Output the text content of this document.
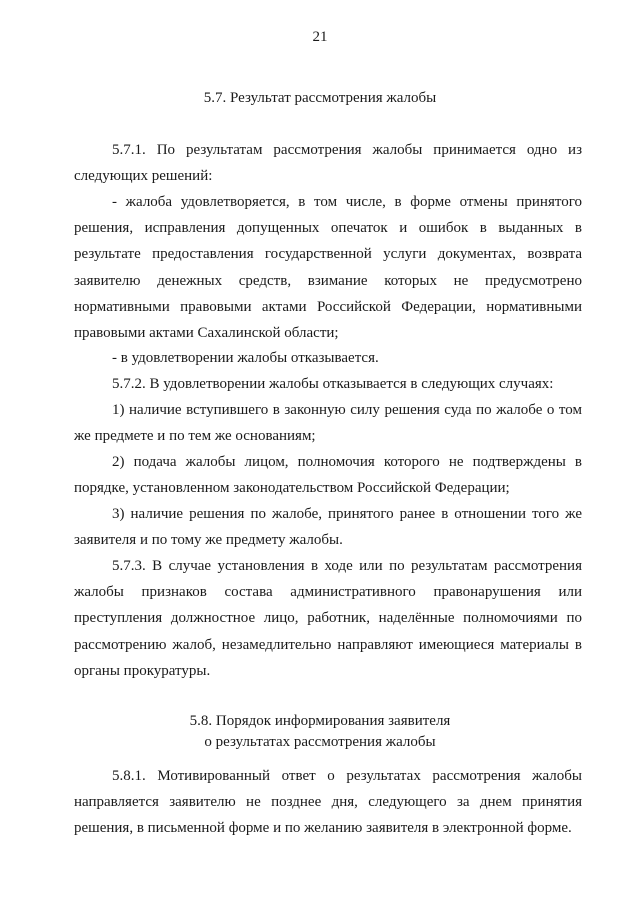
21
5.7. Результат рассмотрения жалобы

5.7.1. По результатам рассмотрения жалобы принимается одно из следующих решений:

- жалоба удовлетворяется, в том числе, в форме отмены принятого решения, исправления допущенных опечаток и ошибок в выданных в результате предоставления государственной услуги документах, возврата заявителю денежных средств, взимание которых не предусмотрено нормативными правовыми актами Российской Федерации, нормативными правовыми актами Сахалинской области;

- в удовлетворении жалобы отказывается.

5.7.2. В удовлетворении жалобы отказывается в следующих случаях:

1) наличие вступившего в законную силу решения суда по жалобе о том же предмете и по тем же основаниям;

2) подача жалобы лицом, полномочия которого не подтверждены в порядке, установленном законодательством Российской Федерации;

3) наличие решения по жалобе, принятого ранее в отношении того же заявителя и по тому же предмету жалобы.

5.7.3. В случае установления в ходе или по результатам рассмотрения жалобы признаков состава административного правонарушения или преступления должностное лицо, работник, наделённые полномочиями по рассмотрению жалоб, незамедлительно направляют имеющиеся материалы в органы прокуратуры.

5.8. Порядок информирования заявителя
о результатах рассмотрения жалобы

5.8.1. Мотивированный ответ о результатах рассмотрения жалобы направляется заявителю не позднее дня, следующего за днем принятия решения, в письменной форме и по желанию заявителя в электронной форме.
